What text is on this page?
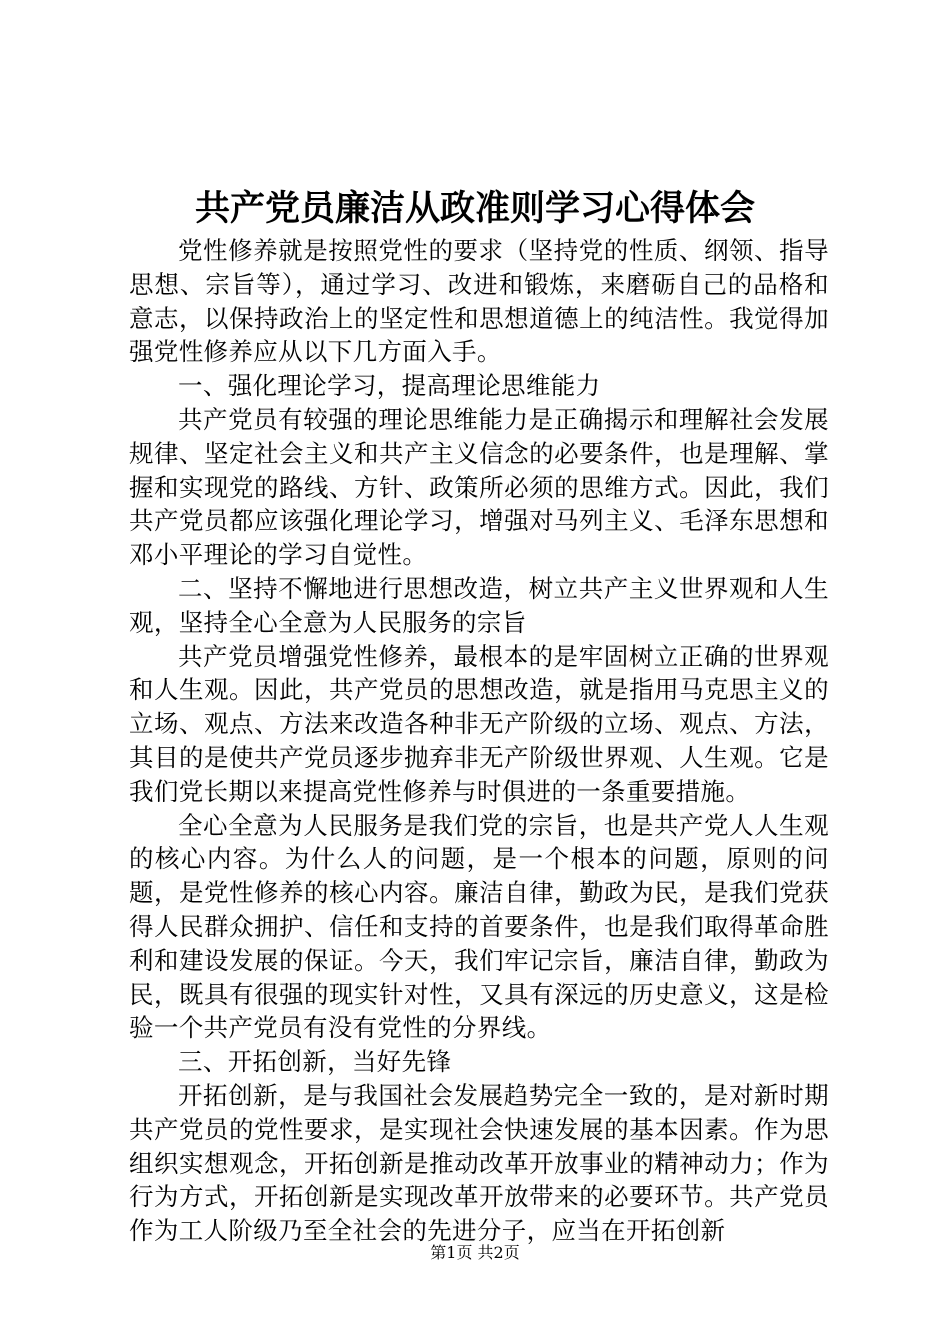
共产党员廉洁从政准则学习心得体会

党性修养就是按照党性的要求（坚持党的性质、纲领、指导思想、宗旨等），通过学习、改进和锻炼，来磨砺自己的品格和意志，以保持政治上的坚定性和思想道德上的纯洁性。我觉得加强党性修养应从以下几方面入手。

一、强化理论学习，提高理论思维能力

共产党员有较强的理论思维能力是正确揭示和理解社会发展规律、坚定社会主义和共产主义信念的必要条件，也是理解、掌握和实现党的路线、方针、政策所必须的思维方式。因此，我们共产党员都应该强化理论学习，增强对马列主义、毛泽东思想和邓小平理论的学习自觉性。

二、坚持不懈地进行思想改造，树立共产主义世界观和人生观，坚持全心全意为人民服务的宗旨

共产党员增强党性修养，最根本的是牢固树立正确的世界观和人生观。因此，共产党员的思想改造，就是指用马克思主义的立场、观点、方法来改造各种非无产阶级的立场、观点、方法，其目的是使共产党员逐步抛弃非无产阶级世界观、人生观。它是我们党长期以来提高党性修养与时俱进的一条重要措施。

全心全意为人民服务是我们党的宗旨，也是共产党人人生观的核心内容。为什么人的问题，是一个根本的问题，原则的问题，是党性修养的核心内容。廉洁自律，勤政为民，是我们党获得人民群众拥护、信任和支持的首要条件，也是我们取得革命胜利和建设发展的保证。今天，我们牢记宗旨，廉洁自律，勤政为民，既具有很强的现实针对性，又具有深远的历史意义，这是检验一个共产党员有没有党性的分界线。

三、开拓创新，当好先锋

开拓创新，是与我国社会发展趋势完全一致的，是对新时期共产党员的党性要求，是实现社会快速发展的基本因素。作为思组织实想观念，开拓创新是推动改革开放事业的精神动力；作为行为方式，开拓创新是实现改革开放带来的必要环节。共产党员作为工人阶级乃至全社会的先进分子，应当在开拓创新

第1页 共2页
